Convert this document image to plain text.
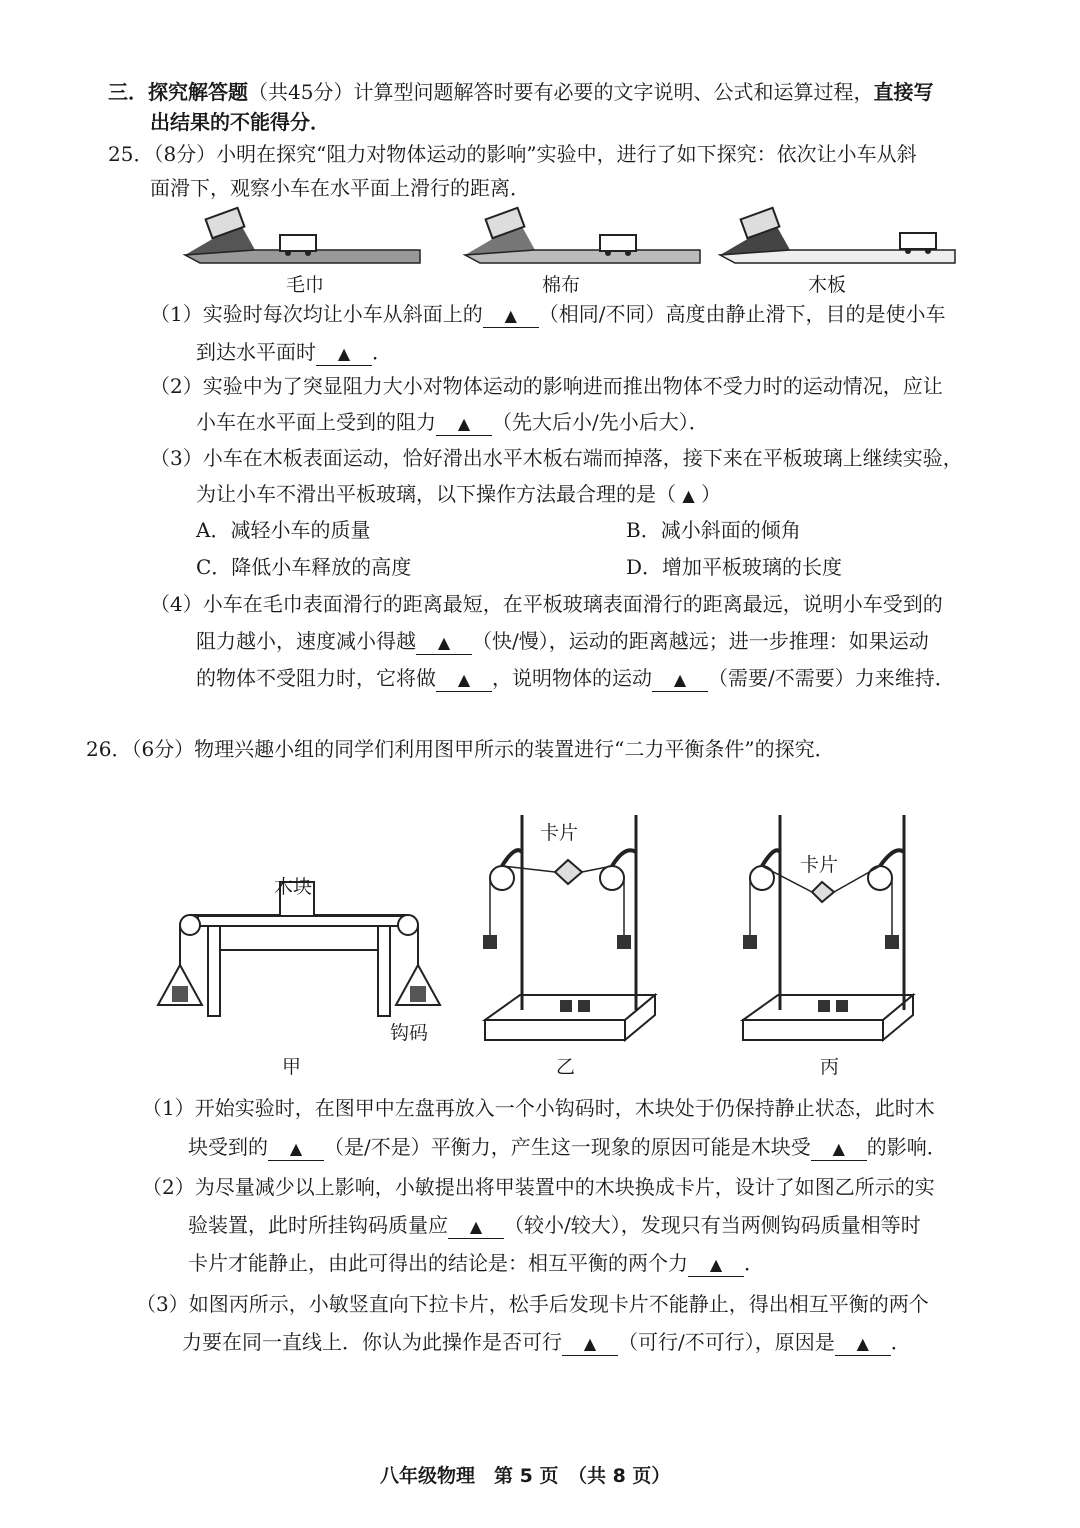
三．探究解答题（共45分）计算型问题解答时要有必要的文字说明、公式和运算过程，直接写
出结果的不能得分．
25．（8分）小明在探究“阻力对物体运动的影响”实验中，进行了如下探究：依次让小车从斜
面滑下，观察小车在水平面上滑行的距离．
毛巾	棉布	木板
（1）实验时每次均让小车从斜面上的 ▲ （相同/不同）高度由静止滑下，目的是使小车
到达水平面时 ▲ ．
（2）实验中为了突显阻力大小对物体运动的影响进而推出物体不受力时的运动情况，应让
小车在水平面上受到的阻力 ▲ （先大后小/先小后大）．
（3）小车在木板表面运动，恰好滑出水平木板右端而掉落，接下来在平板玻璃上继续实验，
为让小车不滑出平板玻璃，以下操作方法最合理的是（ ▲ ）
A．减轻小车的质量	B．减小斜面的倾角
C．降低小车释放的高度	D．增加平板玻璃的长度
（4）小车在毛巾表面滑行的距离最短，在平板玻璃表面滑行的距离最远，说明小车受到的
阻力越小，速度减小得越 ▲ （快/慢），运动的距离越远；进一步推理：如果运动
的物体不受阻力时，它将做 ▲ ，说明物体的运动 ▲ （需要/不需要）力来维持．
26．（6分）物理兴趣小组的同学们利用图甲所示的装置进行“二力平衡条件”的探究．
木块
钩码
卡片
卡片
甲	乙	丙
（1）开始实验时，在图甲中左盘再放入一个小钩码时，木块处于仍保持静止状态，此时木
块受到的 ▲ （是/不是）平衡力，产生这一现象的原因可能是木块受 ▲ 的影响．
（2）为尽量减少以上影响，小敏提出将甲装置中的木块换成卡片，设计了如图乙所示的实
验装置，此时所挂钩码质量应 ▲ （较小/较大），发现只有当两侧钩码质量相等时
卡片才能静止，由此可得出的结论是：相互平衡的两个力 ▲ ．
（3）如图丙所示，小敏竖直向下拉卡片，松手后发现卡片不能静止，得出相互平衡的两个
力要在同一直线上．你认为此操作是否可行 ▲ （可行/不可行），原因是 ▲ ．
八年级物理　第 5 页　（共 8 页）
